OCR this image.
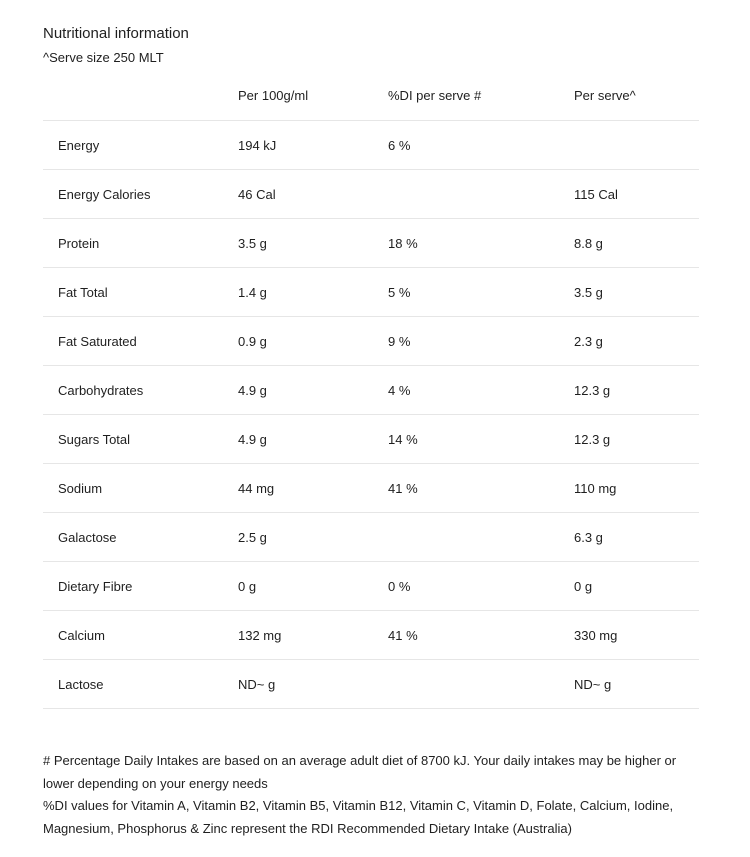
Nutritional information
^Serve size 250 MLT
	Per 100g/ml	%DI per serve #	Per serve^
Energy	194 kJ	6 %	
Energy Calories	46 Cal		115 Cal
Protein	3.5 g	18 %	8.8 g
Fat Total	1.4 g	5 %	3.5 g
Fat Saturated	0.9 g	9 %	2.3 g
Carbohydrates	4.9 g	4 %	12.3 g
Sugars Total	4.9 g	14 %	12.3 g
Sodium	44 mg	41 %	110 mg
Galactose	2.5 g		6.3 g
Dietary Fibre	0 g	0 %	0 g
Calcium	132 mg	41 %	330 mg
Lactose	ND~ g		ND~ g

# Percentage Daily Intakes are based on an average adult diet of 8700 kJ. Your daily intakes may be higher or lower depending on your energy needs

%DI values for Vitamin A, Vitamin B2, Vitamin B5, Vitamin B12, Vitamin C, Vitamin D, Folate, Calcium, Iodine, Magnesium, Phosphorus & Zinc represent the RDI Recommended Dietary Intake (Australia)
